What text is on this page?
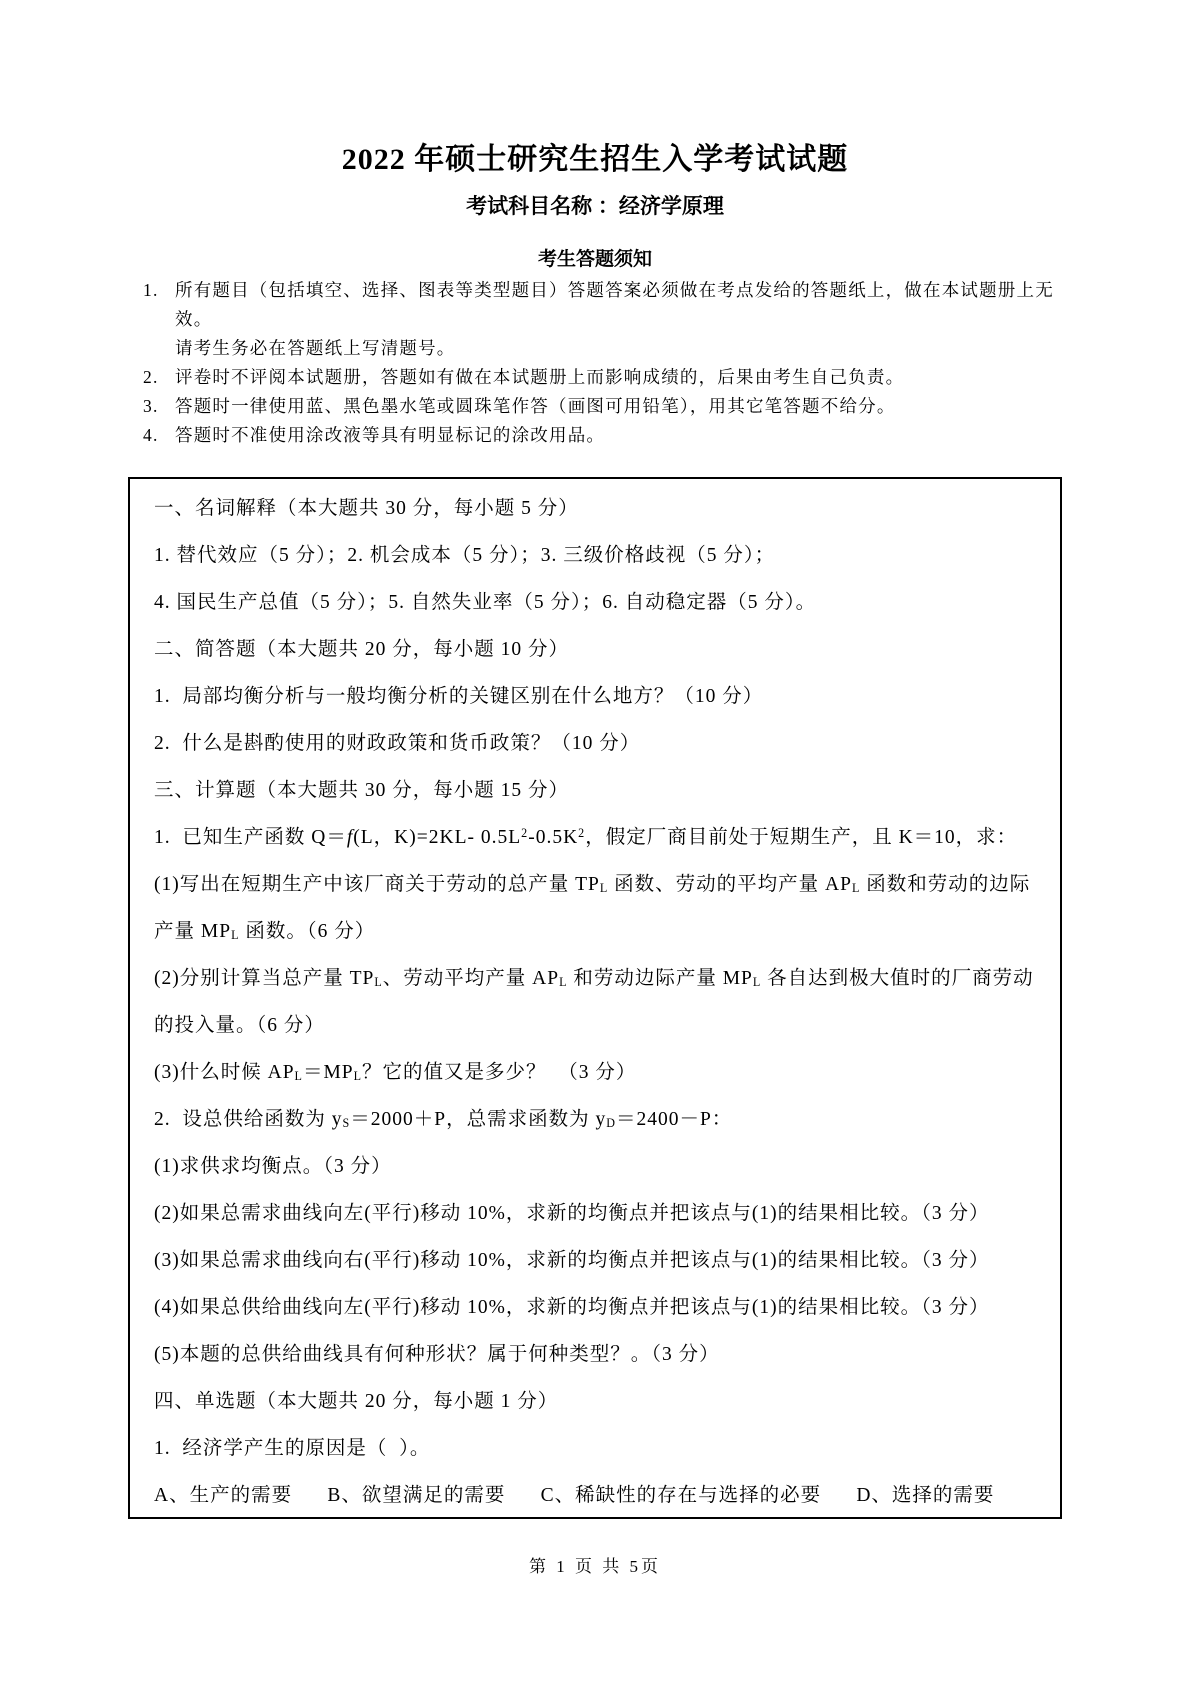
2022 年硕士研究生招生入学考试试题
考试科目名称 ：经济学原理
考生答题须知
1. 所有题目（包括填空、选择、图表等类型题目）答题答案必须做在考点发给的答题纸上，做在本试题册上无效。
请考生务必在答题纸上写清题号。
2. 评卷时不评阅本试题册，答题如有做在本试题册上而影响成绩的，后果由考生自己负责。
3. 答题时一律使用蓝、黑色墨水笔或圆珠笔作答（画图可用铅笔），用其它笔答题不给分。
4. 答题时不准使用涂改液等具有明显标记的涂改用品。
一、名词解释（本大题共 30 分，每小题 5 分）
1. 替代效应（5 分）；2. 机会成本（5 分）；3. 三级价格歧视（5 分）；
4. 国民生产总值（5 分）；5. 自然失业率（5 分）；6. 自动稳定器（5 分）。
二、简答题（本大题共 20 分，每小题 10 分）
1.  局部均衡分析与一般均衡分析的关键区别在什么地方？（10 分）
2.  什么是斟酌使用的财政政策和货币政策？（10 分）
三、计算题（本大题共 30 分，每小题 15 分）
1.  已知生产函数 Q＝f(L，K)=2KL- $0.5L^2-0.5K^2$，假定厂商目前处于短期生产，且 K＝10，求：
(1)写出在短期生产中该厂商关于劳动的总产量 $TP_L$ 函数、劳动的平均产量 $AP_L$ 函数和劳动的边际
产量 $MP_L$ 函数。（6 分）
(2)分别计算当总产量 $TP_L$、劳动平均产量 $AP_L$ 和劳动边际产量 $MP_L$ 各自达到极大值时的厂商劳动
的投入量。（6 分）
(3)什么时候 $AP_L=MP_L$？它的值又是多少？  （3 分）
2.  设总供给函数为 $y_S=2000+P$，总需求函数为 $y_D=2400-P$：
(1)求供求均衡点。（3 分）
(2)如果总需求曲线向左(平行)移动 10%，求新的均衡点并把该点与(1)的结果相比较。（3 分）
(3)如果总需求曲线向右(平行)移动 10%，求新的均衡点并把该点与(1)的结果相比较。（3 分）
(4)如果总供给曲线向左(平行)移动 10%，求新的均衡点并把该点与(1)的结果相比较。（3 分）
(5)本题的总供给曲线具有何种形状？属于何种类型？。（3 分）
四、单选题（本大题共 20 分，每小题 1 分）
1.  经济学产生的原因是（  ）。
A、生产的需要      B、欲望满足的需要      C、稀缺性的存在与选择的必要      D、选择的需要
第 1 页 共 5页
